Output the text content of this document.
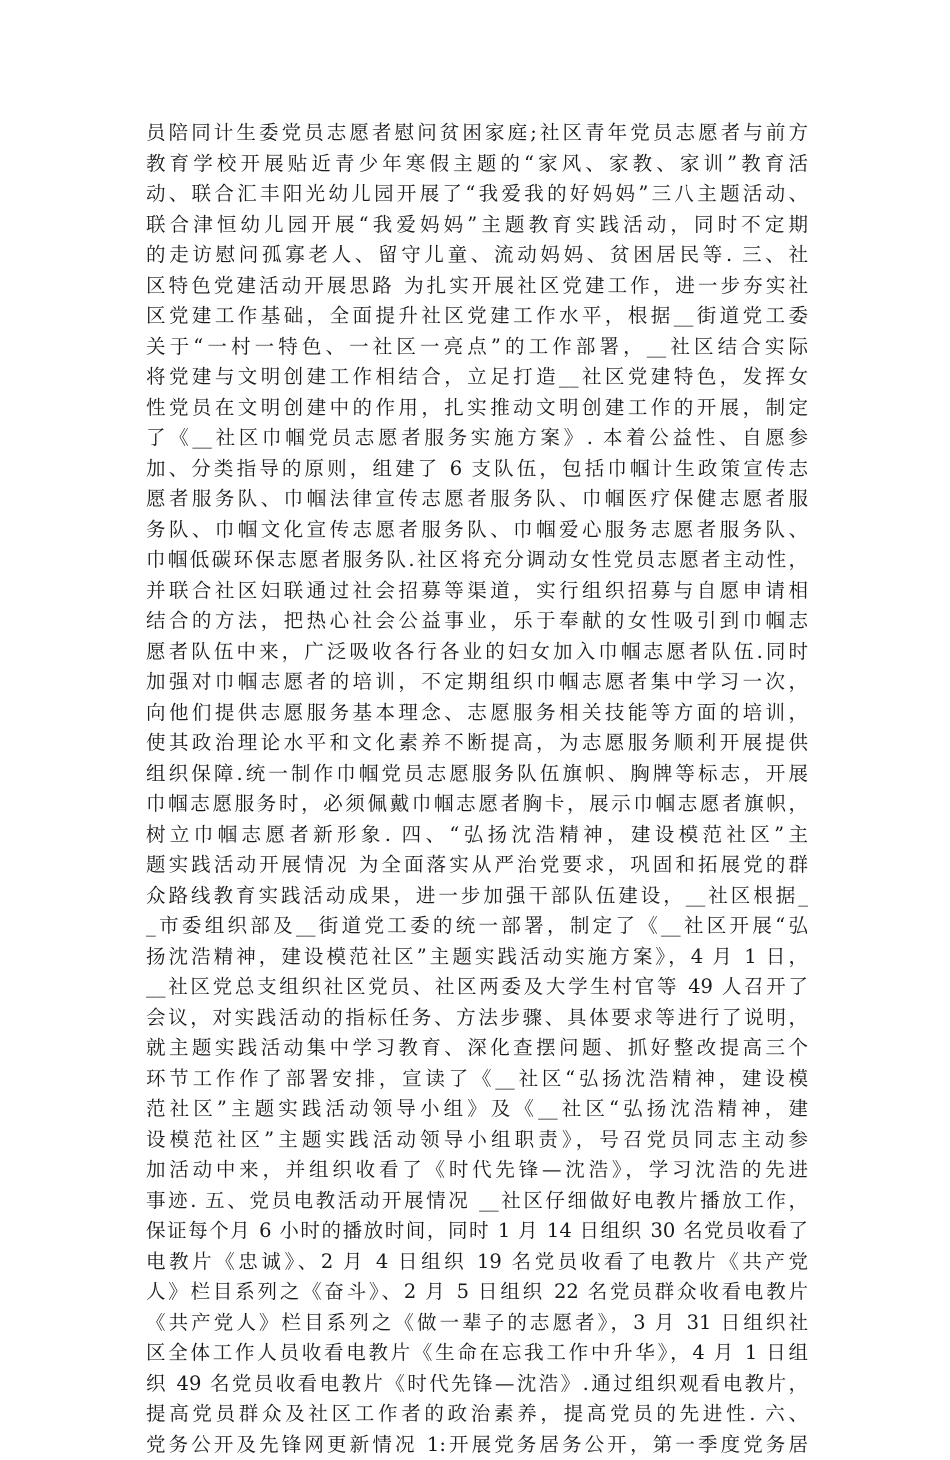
员陪同计生委党员志愿者慰问贫困家庭;社区青年党员志愿者与前方
教育学校开展贴近青少年寒假主题的“家风、家教、家训”教育活
动、联合汇丰阳光幼儿园开展了“我爱我的好妈妈”三八主题活动、
联合津恒幼儿园开展“我爱妈妈”主题教育实践活动，同时不定期
的走访慰问孤寡老人、留守儿童、流动妈妈、贫困居民等. 三、社
区特色党建活动开展思路 为扎实开展社区党建工作，进一步夯实社
区党建工作基础，全面提升社区党建工作水平，根据__街道党工委
关于“一村一特色、一社区一亮点”的工作部署，__社区结合实际
将党建与文明创建工作相结合，立足打造__社区党建特色，发挥女
性党员在文明创建中的作用，扎实推动文明创建工作的开展，制定
了《__社区巾帼党员志愿者服务实施方案》. 本着公益性、自愿参
加、分类指导的原则，组建了 6 支队伍，包括巾帼计生政策宣传志
愿者服务队、巾帼法律宣传志愿者服务队、巾帼医疗保健志愿者服
务队、巾帼文化宣传志愿者服务队、巾帼爱心服务志愿者服务队、
巾帼低碳环保志愿者服务队.社区将充分调动女性党员志愿者主动性，
并联合社区妇联通过社会招募等渠道，实行组织招募与自愿申请相
结合的方法，把热心社会公益事业，乐于奉献的女性吸引到巾帼志
愿者队伍中来，广泛吸收各行各业的妇女加入巾帼志愿者队伍.同时
加强对巾帼志愿者的培训，不定期组织巾帼志愿者集中学习一次，
向他们提供志愿服务基本理念、志愿服务相关技能等方面的培训，
使其政治理论水平和文化素养不断提高，为志愿服务顺利开展提供
组织保障.统一制作巾帼党员志愿服务队伍旗帜、胸牌等标志，开展
巾帼志愿服务时，必须佩戴巾帼志愿者胸卡，展示巾帼志愿者旗帜，
树立巾帼志愿者新形象. 四、“弘扬沈浩精神，建设模范社区”主
题实践活动开展情况 为全面落实从严治党要求，巩固和拓展党的群
众路线教育实践活动成果，进一步加强干部队伍建设，__社区根据_
_市委组织部及__街道党工委的统一部署，制定了《__社区开展“弘
扬沈浩精神，建设模范社区”主题实践活动实施方案》，4 月 1 日，
__社区党总支组织社区党员、社区两委及大学生村官等 49 人召开了
会议，对实践活动的指标任务、方法步骤、具体要求等进行了说明，
就主题实践活动集中学习教育、深化查摆问题、抓好整改提高三个
环节工作作了部署安排，宣读了《__社区“弘扬沈浩精神，建设模
范社区”主题实践活动领导小组》及《__社区“弘扬沈浩精神，建
设模范社区”主题实践活动领导小组职责》，号召党员同志主动参
加活动中来，并组织收看了《时代先锋—沈浩》，学习沈浩的先进
事迹. 五、党员电教活动开展情况 __社区仔细做好电教片播放工作，
保证每个月 6 小时的播放时间，同时 1 月 14 日组织 30 名党员收看了
电教片《忠诚》、2 月 4 日组织 19 名党员收看了电教片《共产党
人》栏目系列之《奋斗》、2 月 5 日组织 22 名党员群众收看电教片
《共产党人》栏目系列之《做一辈子的志愿者》，3 月 31 日组织社
区全体工作人员收看电教片《生命在忘我工作中升华》，4 月 1 日组
织 49 名党员收看电教片《时代先锋—沈浩》.通过组织观看电教片，
提高党员群众及社区工作者的政治素养，提高党员的先进性. 六、
党务公开及先锋网更新情况 1:开展党务居务公开，第一季度党务居
